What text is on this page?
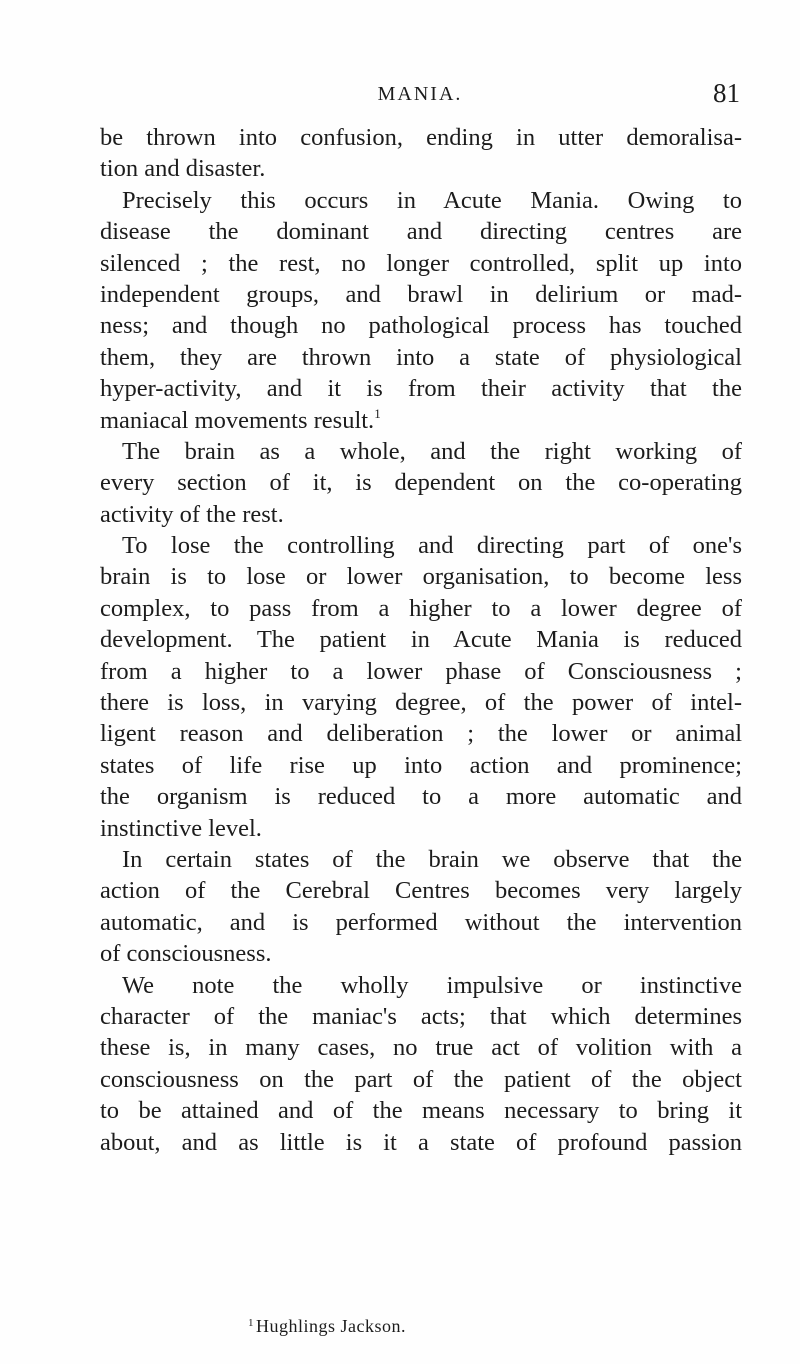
MANIA.	81
be thrown into confusion, ending in utter demoralisa-
tion and disaster.
Precisely this occurs in Acute Mania. Owing to
disease the dominant and directing centres are
silenced ; the rest, no longer controlled, split up into
independent groups, and brawl in delirium or mad-
ness; and though no pathological process has touched
them, they are thrown into a state of physiological
hyper-activity, and it is from their activity that the
maniacal movements result.$^1$
The brain as a whole, and the right working of
every section of it, is dependent on the co-operating
activity of the rest.
To lose the controlling and directing part of one's
brain is to lose or lower organisation, to become less
complex, to pass from a higher to a lower degree of
development. The patient in Acute Mania is reduced
from a higher to a lower phase of Consciousness ;
there is loss, in varying degree, of the power of intel-
ligent reason and deliberation ; the lower or animal
states of life rise up into action and prominence;
the organism is reduced to a more automatic and
instinctive level.
In certain states of the brain we observe that the
action of the Cerebral Centres becomes very largely
automatic, and is performed without the intervention
of consciousness.
We note the wholly impulsive or instinctive
character of the maniac's acts; that which determines
these is, in many cases, no true act of volition with a
consciousness on the part of the patient of the object
to be attained and of the means necessary to bring it
about, and as little is it a state of profound passion
$^1$ Hughlings Jackson.
